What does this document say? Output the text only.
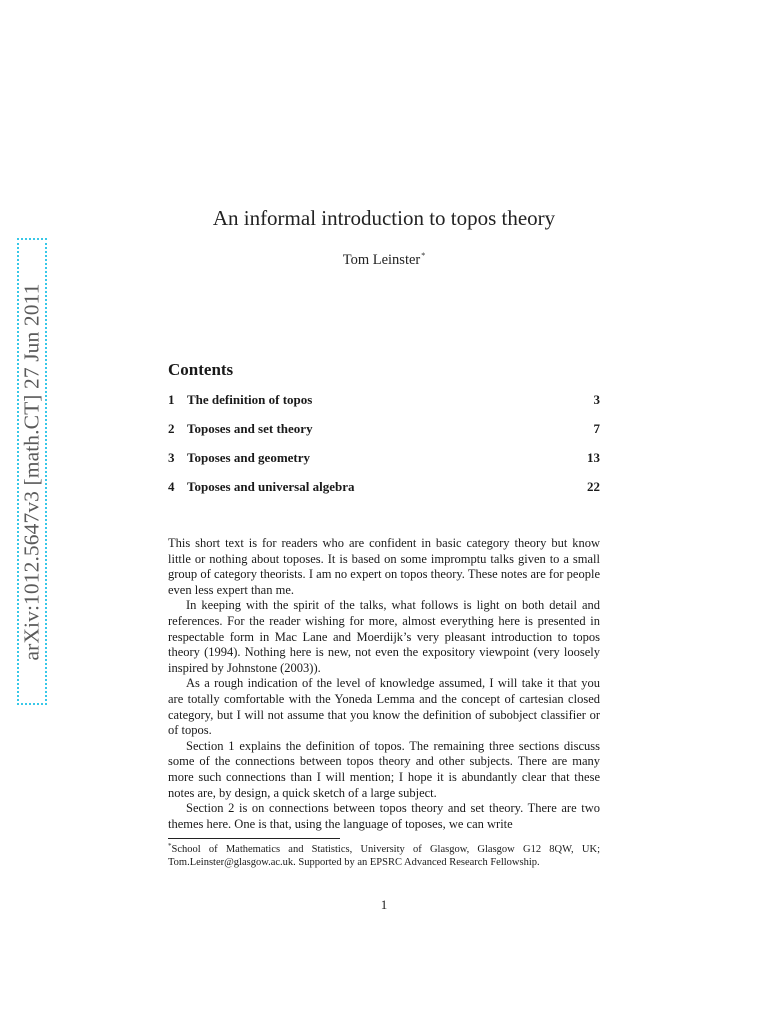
arXiv:1012.5647v3 [math.CT] 27 Jun 2011
An informal introduction to topos theory
Tom Leinster*
Contents
1 The definition of topos	3
2 Toposes and set theory	7
3 Toposes and geometry	13
4 Toposes and universal algebra	22

This short text is for readers who are confident in basic category theory but know little or nothing about toposes. It is based on some impromptu talks given to a small group of category theorists. I am no expert on topos theory. These notes are for people even less expert than me.

In keeping with the spirit of the talks, what follows is light on both detail and references. For the reader wishing for more, almost everything here is presented in respectable form in Mac Lane and Moerdijk’s very pleasant introduction to topos theory (1994). Nothing here is new, not even the expository viewpoint (very loosely inspired by Johnstone (2003)).

As a rough indication of the level of knowledge assumed, I will take it that you are totally comfortable with the Yoneda Lemma and the concept of cartesian closed category, but I will not assume that you know the definition of subobject classifier or of topos.

Section 1 explains the definition of topos. The remaining three sections discuss some of the connections between topos theory and other subjects. There are many more such connections than I will mention; I hope it is abundantly clear that these notes are, by design, a quick sketch of a large subject.

Section 2 is on connections between topos theory and set theory. There are two themes here. One is that, using the language of toposes, we can write

*School of Mathematics and Statistics, University of Glasgow, Glasgow G12 8QW, UK; Tom.Leinster@glasgow.ac.uk. Supported by an EPSRC Advanced Research Fellowship.
1
